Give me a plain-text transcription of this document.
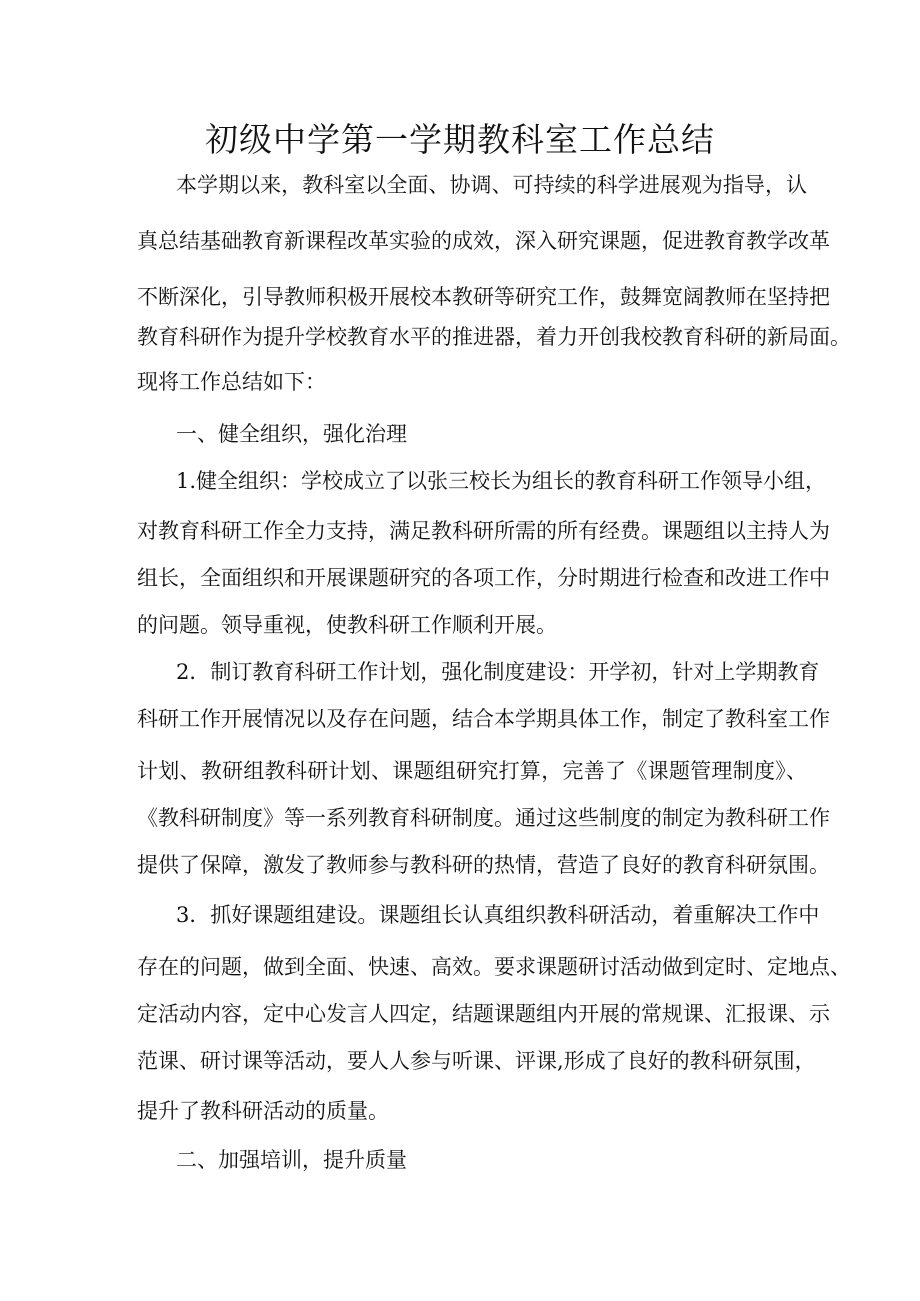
初级中学第一学期教科室工作总结
本学期以来，教科室以全面、协调、可持续的科学进展观为指导，认
真总结基础教育新课程改革实验的成效，深入研究课题，促进教育教学改革
不断深化，引导教师积极开展校本教研等研究工作，鼓舞宽阔教师在坚持把
教育科研作为提升学校教育水平的推进器，着力开创我校教育科研的新局面。
现将工作总结如下：
一、健全组织，强化治理
1.健全组织：学校成立了以张三校长为组长的教育科研工作领导小组，
对教育科研工作全力支持，满足教科研所需的所有经费。课题组以主持人为
组长，全面组织和开展课题研究的各项工作，分时期进行检查和改进工作中
的问题。领导重视，使教科研工作顺利开展。
2．制订教育科研工作计划，强化制度建设：开学初，针对上学期教育
科研工作开展情况以及存在问题，结合本学期具体工作，制定了教科室工作
计划、教研组教科研计划、课题组研究打算，完善了《课题管理制度》、
《教科研制度》等一系列教育科研制度。通过这些制度的制定为教科研工作
提供了保障，激发了教师参与教科研的热情，营造了良好的教育科研氛围。
3．抓好课题组建设。课题组长认真组织教科研活动，着重解决工作中
存在的问题，做到全面、快速、高效。要求课题研讨活动做到定时、定地点、
定活动内容，定中心发言人四定，结题课题组内开展的常规课、汇报课、示
范课、研讨课等活动，要人人参与听课、评课,形成了良好的教科研氛围，
提升了教科研活动的质量。
二、加强培训，提升质量
